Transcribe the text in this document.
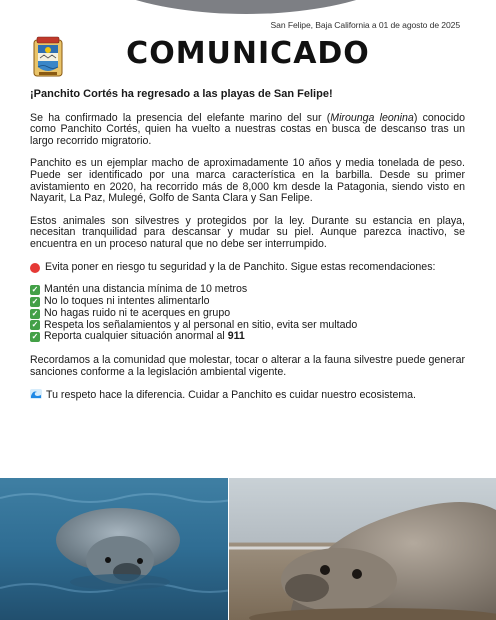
San Felipe, Baja California a 01 de agosto de 2025
COMUNICADO

¡Panchito Cortés ha regresado a las playas de San Felipe!

Se ha confirmado la presencia del elefante marino del sur (Mirounga leonina) conocido como Panchito Cortés, quien ha vuelto a nuestras costas en busca de descanso tras un largo recorrido migratorio.

Panchito es un ejemplar macho de aproximadamente 10 años y media tonelada de peso. Puede ser identificado por una marca característica en la barbilla. Desde su primer avistamiento en 2020, ha recorrido más de 8,000 km desde la Patagonia, siendo visto en Nayarit, La Paz, Mulegé, Golfo de Santa Clara y San Felipe.

Estos animales son silvestres y protegidos por la ley. Durante su estancia en playa, necesitan tranquilidad para descansar y mudar su piel. Aunque parezca inactivo, se encuentra en un proceso natural que no debe ser interrumpido.

Evita poner en riesgo tu seguridad y la de Panchito. Sigue estas recomendaciones:

✓ Mantén una distancia mínima de 10 metros
✓ No lo toques ni intentes alimentarlo
✓ No hagas ruido ni te acerques en grupo
✓ Respeta los señalamientos y al personal en sitio, evita ser multado
✓ Reporta cualquier situación anormal al 911

Recordamos a la comunidad que molestar, tocar o alterar a la fauna silvestre puede generar sanciones conforme a la legislación ambiental vigente.

Tu respeto hace la diferencia. Cuidar a Panchito es cuidar nuestro ecosistema.
